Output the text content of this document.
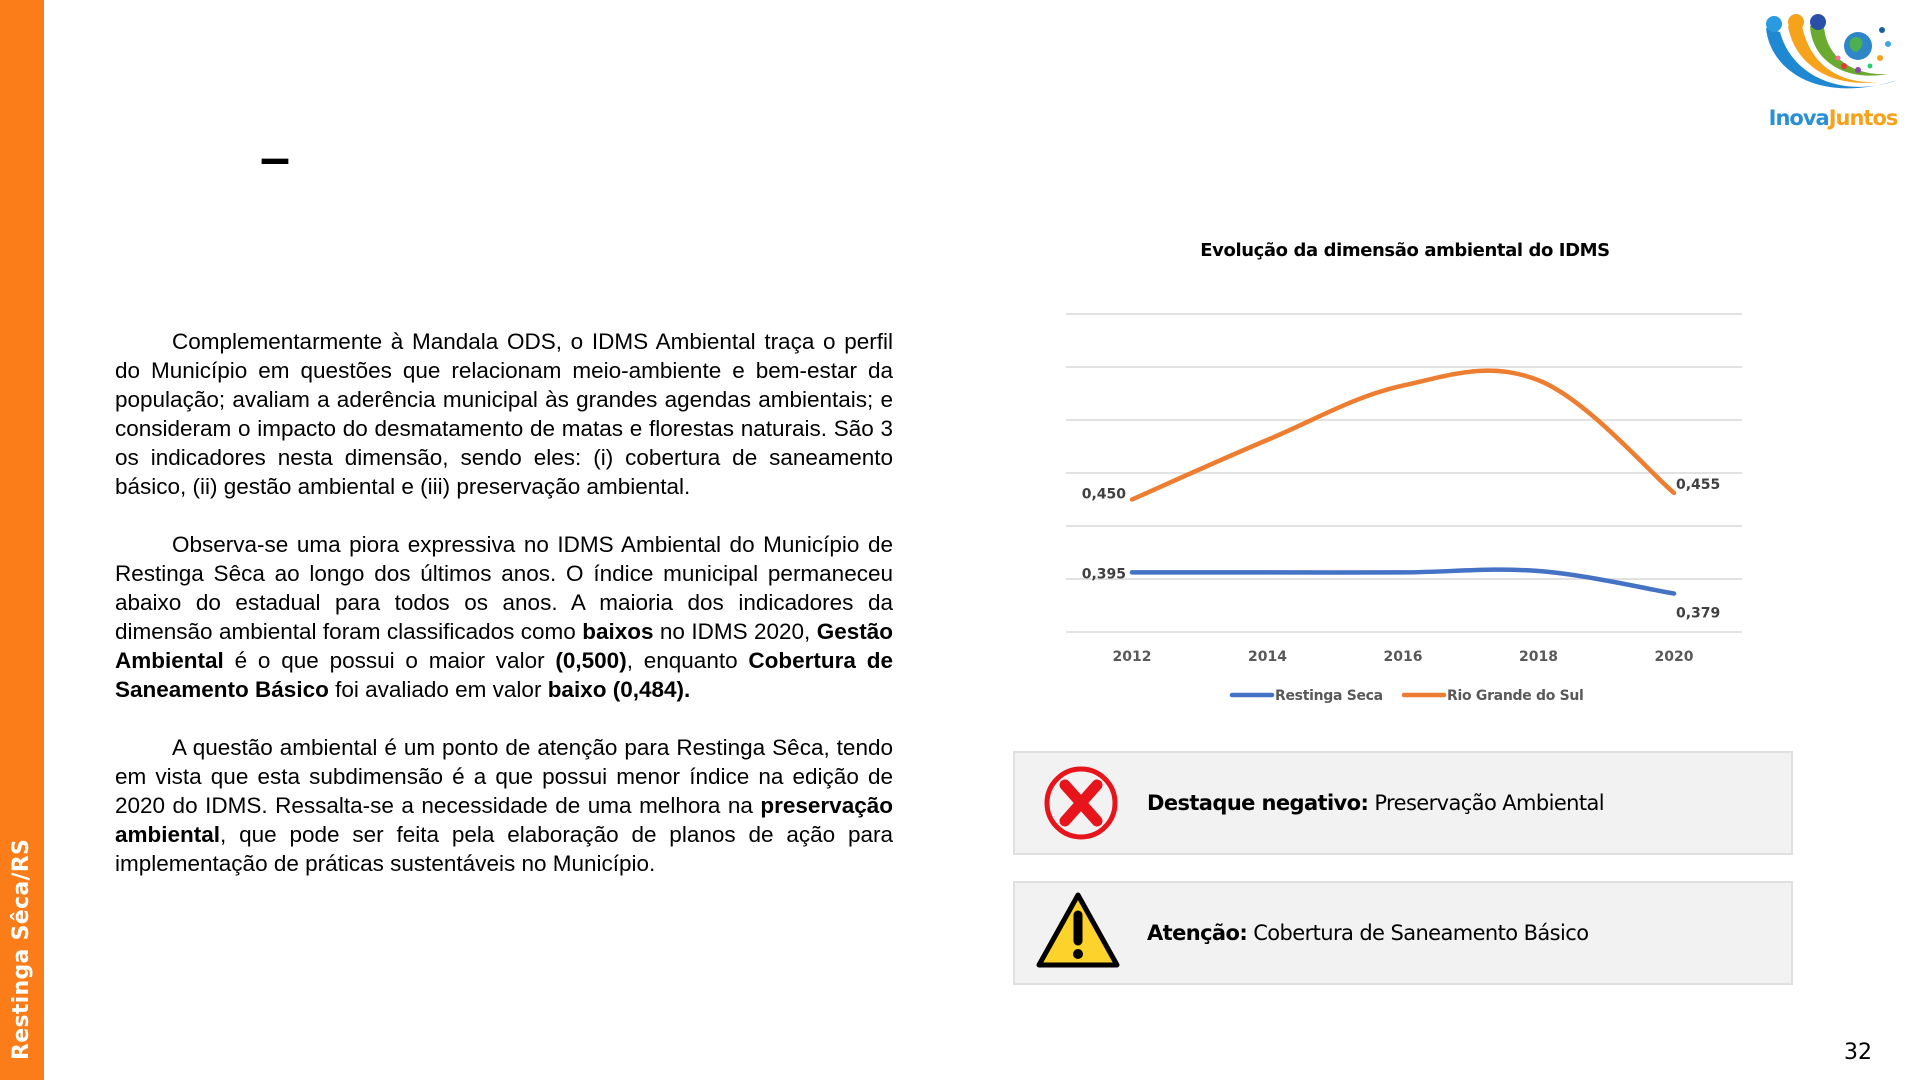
Restinga Sêca/RS
–
InovaJuntos

Complementarmente à Mandala ODS, o IDMS Ambiental traça o perfil do Município em questões que relacionam meio-ambiente e bem-estar da população; avaliam a aderência municipal às grandes agendas ambientais; e consideram o impacto do desmatamento de matas e florestas naturais. São 3 os indicadores nesta dimensão, sendo eles: (i) cobertura de saneamento básico, (ii) gestão ambiental e (iii) preservação ambiental.

Observa-se uma piora expressiva no IDMS Ambiental do Município de Restinga Sêca ao longo dos últimos anos. O índice municipal permaneceu abaixo do estadual para todos os anos. A maioria dos indicadores da dimensão ambiental foram classificados como baixos no IDMS 2020, Gestão Ambiental é o que possui o maior valor (0,500), enquanto Cobertura de Saneamento Básico foi avaliado em valor baixo (0,484).

A questão ambiental é um ponto de atenção para Restinga Sêca, tendo em vista que esta subdimensão é a que possui menor índice na edição de 2020 do IDMS. Ressalta-se a necessidade de uma melhora na preservação ambiental, que pode ser feita pela elaboração de planos de ação para implementação de práticas sustentáveis no Município.

Evolução da dimensão ambiental do IDMS
0,395
0,379
0,450
0,455
2012	2014	2016	2018	2020
Restinga Seca	Rio Grande do Sul
Destaque negativo: Preservação Ambiental
Atenção: Cobertura de Saneamento Básico
32
